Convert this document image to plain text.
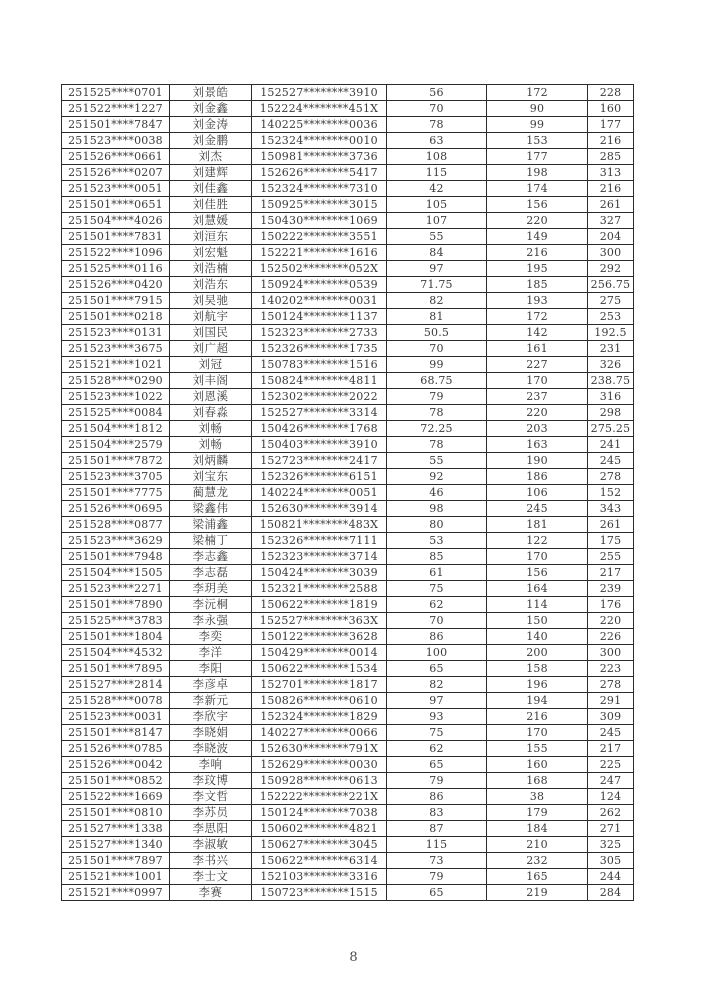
251525****0701	刘景皓	152527********3910	56	172	228
251522****1227	刘金鑫	152224********451X	70	90	160
251501****7847	刘金涛	140225********0036	78	99	177
251523****0038	刘金鹏	152324********0010	63	153	216
251526****0661	刘杰	150981********3736	108	177	285
251526****0207	刘建辉	152626********5417	115	198	313
251523****0051	刘佳鑫	152324********7310	42	174	216
251501****0651	刘佳胜	150925********3015	105	156	261
251504****4026	刘慧媛	150430********1069	107	220	327
251501****7831	刘洹东	150222********3551	55	149	204
251522****1096	刘宏魁	152221********1616	84	216	300
251525****0116	刘浩楠	152502********052X	97	195	292
251526****0420	刘浩东	150924********0539	71.75	185	256.75
251501****7915	刘旲驰	140202********0031	82	193	275
251501****0218	刘航宇	150124********1137	81	172	253
251523****0131	刘国民	152323********2733	50.5	142	192.5
251523****3675	刘广超	152326********1735	70	161	231
251521****1021	刘冠	150783********1516	99	227	326
251528****0290	刘丰阁	150824********4811	68.75	170	238.75
251523****1022	刘恩溪	152302********2022	79	237	316
251525****0084	刘春淼	152527********3314	78	220	298
251504****1812	刘畅	150426********1768	72.25	203	275.25
251504****2579	刘畅	150403********3910	78	163	241
251501****7872	刘炳麟	152723********2417	55	190	245
251523****3705	刘宝东	152326********6151	92	186	278
251501****7775	蔺慧龙	140224********0051	46	106	152
251526****0695	梁鑫伟	152630********3914	98	245	343
251528****0877	梁浦鑫	150821********483X	80	181	261
251523****3629	梁楠丁	152326********7111	53	122	175
251501****7948	李志鑫	152323********3714	85	170	255
251504****1505	李志磊	150424********3039	61	156	217
251523****2271	李玥美	152321********2588	75	164	239
251501****7890	李沅桐	150622********1819	62	114	176
251525****3783	李永强	152527********363X	70	150	220
251501****1804	李奕	150122********3628	86	140	226
251504****4532	李洋	150429********0014	100	200	300
251501****7895	李阳	150622********1534	65	158	223
251527****2814	李彦卓	152701********1817	82	196	278
251528****0078	李新元	150826********0610	97	194	291
251523****0031	李欣宇	152324********1829	93	216	309
251501****8147	李晓娟	140227********0066	75	170	245
251526****0785	李晓波	152630********791X	62	155	217
251526****0042	李响	152629********0030	65	160	225
251501****0852	李玟博	150928********0613	79	168	247
251522****1669	李文哲	152222********221X	86	38	124
251501****0810	李苏员	150124********7038	83	179	262
251527****1338	李思阳	150602********4821	87	184	271
251527****1340	李淑敏	150627********3045	115	210	325
251501****7897	李书兴	150622********6314	73	232	305
251521****1001	李士文	152103********3316	79	165	244
251521****0997	李赛	150723********1515	65	219	284
8
